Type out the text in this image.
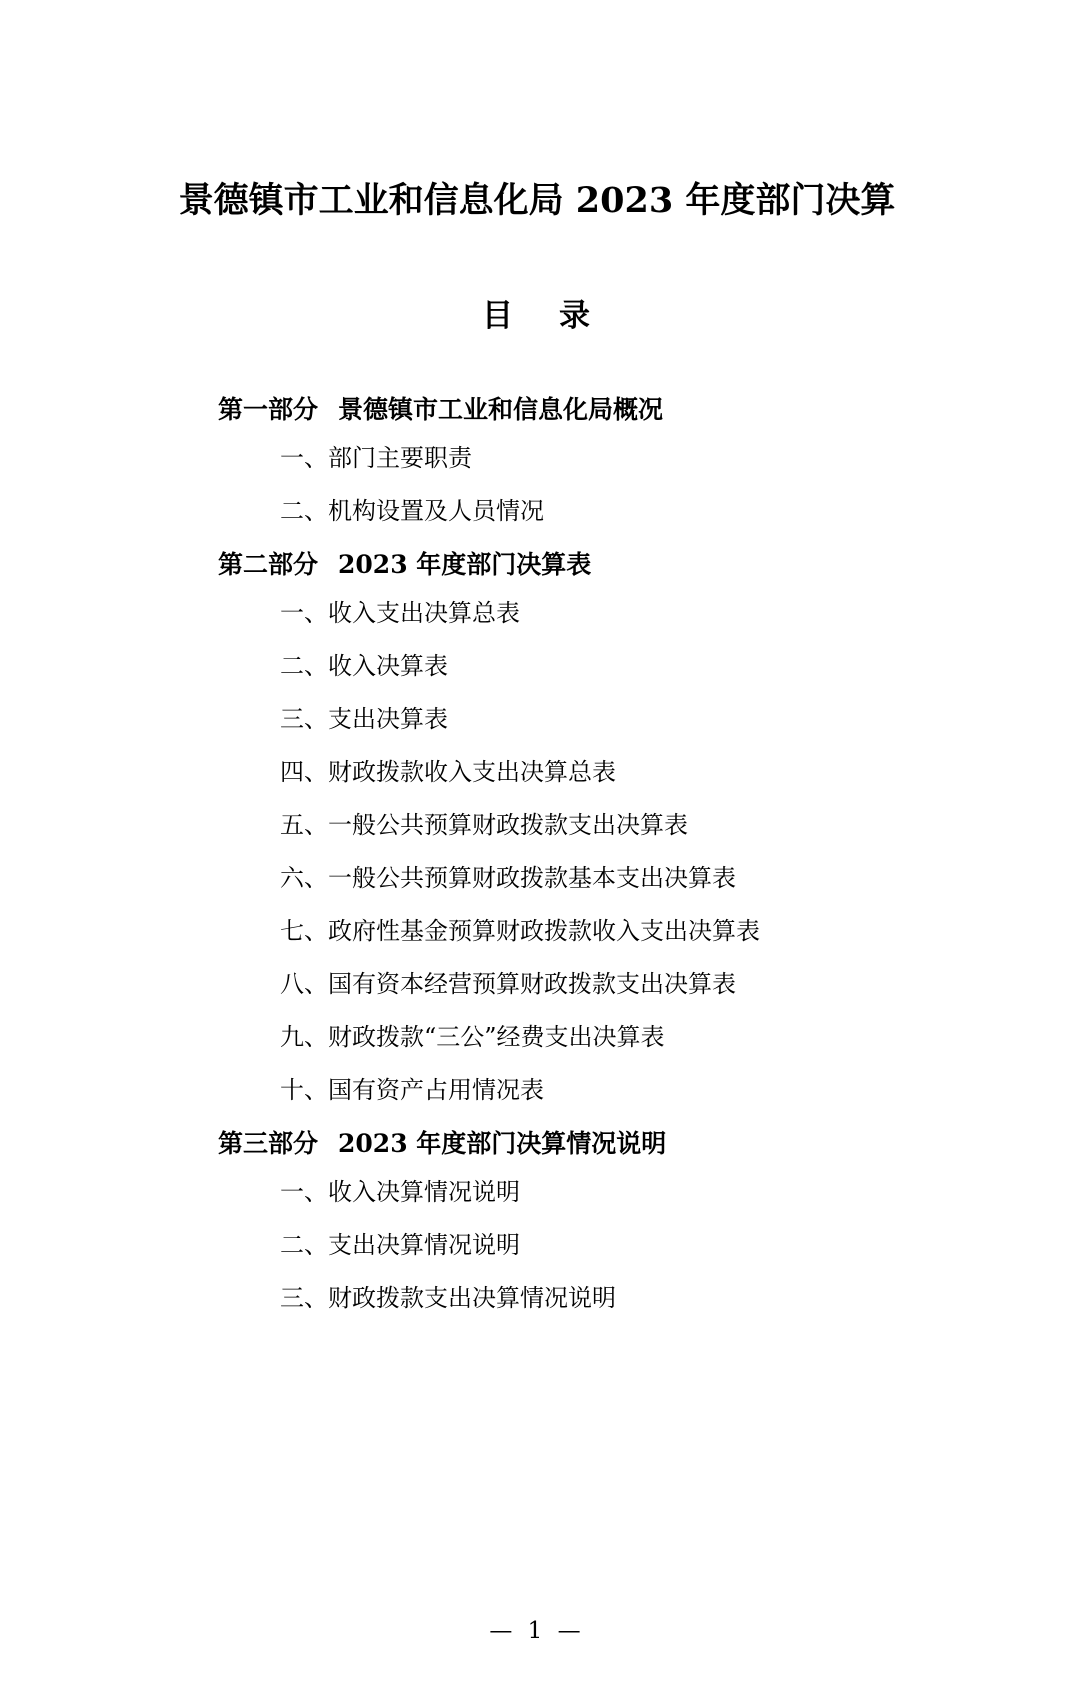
景德镇市工业和信息化局 2023 年度部门决算
目 录
第一部分 景德镇市工业和信息化局概况
一、部门主要职责
二、机构设置及人员情况
第二部分 2023 年度部门决算表
一、收入支出决算总表
二、收入决算表
三、支出决算表
四、财政拨款收入支出决算总表
五、一般公共预算财政拨款支出决算表
六、一般公共预算财政拨款基本支出决算表
七、政府性基金预算财政拨款收入支出决算表
八、国有资本经营预算财政拨款支出决算表
九、财政拨款“三公”经费支出决算表
十、国有资产占用情况表
第三部分 2023 年度部门决算情况说明
一、收入决算情况说明
二、支出决算情况说明
三、财政拨款支出决算情况说明
— 1 —
